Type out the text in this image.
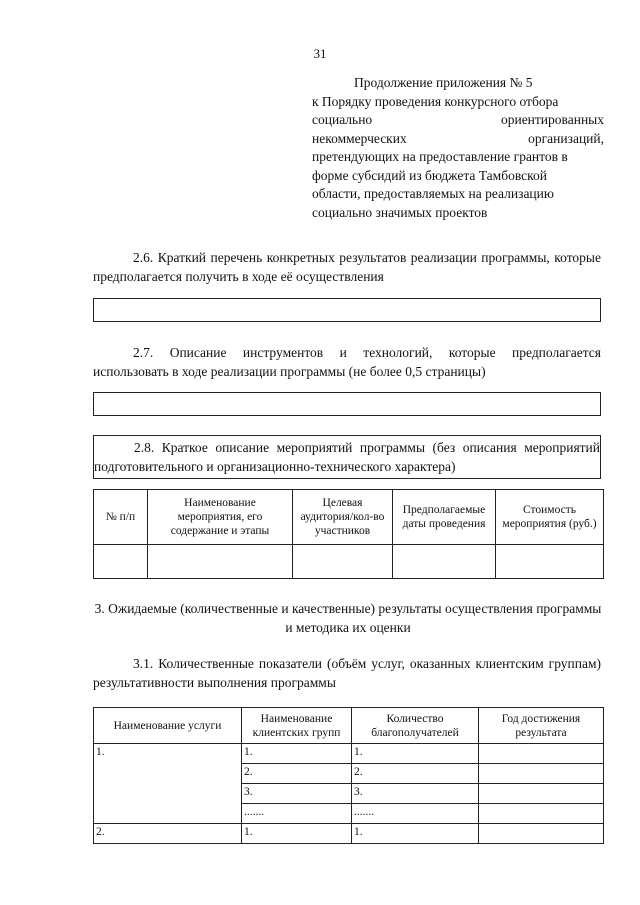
31
Продолжение приложения № 5
к Порядку проведения конкурсного отбора
социально	ориентированных
некоммерческих	организаций,
претендующих на предоставление грантов в
форме субсидий из бюджета Тамбовской
области, предоставляемых на реализацию
социально значимых проектов
2.6. Краткий перечень конкретных результатов реализации программы, которые предполагается получить в ходе её осуществления
2.7. Описание инструментов и технологий, которые предполагается использовать в ходе реализации программы (не более 0,5 страницы)
2.8. Краткое описание мероприятий программы (без описания мероприятий подготовительного и организационно-технического характера)
№ п/п	Наименование мероприятия, его содержание и этапы	Целевая аудитория/кол-во участников	Предполагаемые даты проведения	Стоимость мероприятия (руб.)

3. Ожидаемые (количественные и качественные) результаты осуществления программы и методика их оценки
3.1. Количественные показатели (объём услуг, оказанных клиентским группам) результативности выполнения программы
Наименование услуги	Наименование клиентских групп	Количество благополучателей	Год достижения результата
1.	1.	1.	
	2.	2.	
	3.	3.	
	.......	.......	
2.	1.	1.	
